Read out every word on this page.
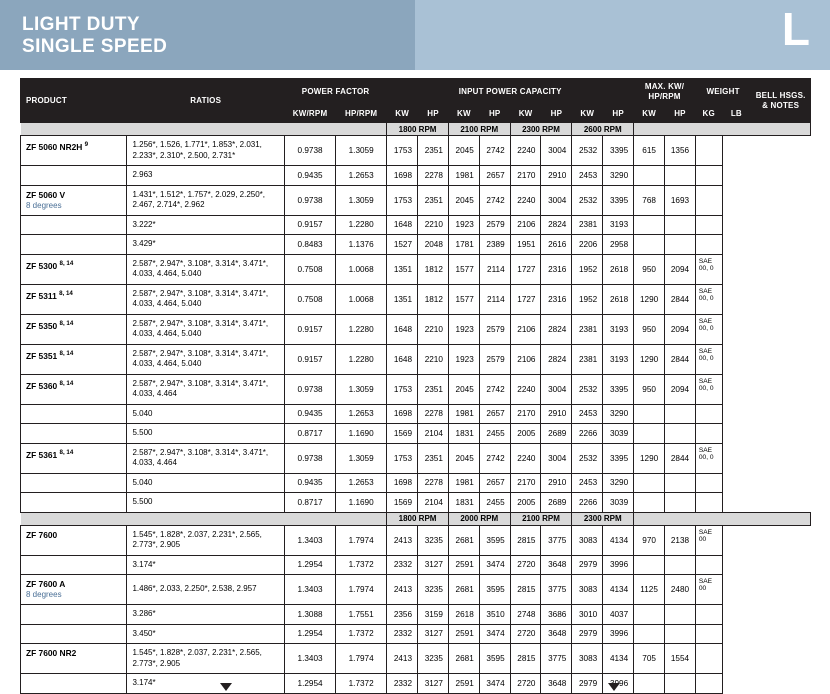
LIGHT DUTY
SINGLE SPEED	L
PRODUCT	RATIOS	POWER FACTOR		INPUT POWER CAPACITY								MAX. KW/
HP/RPM		WEIGHT		BELL HSGS.
& NOTES
		KW/RPM	HP/RPM	KW	HP	KW	HP	KW	HP	KW	HP	KW	HP	KG	LB	
				1800 RPM		2100 RPM		2300 RPM		2600 RPM						
ZF 5060 NR2H $^9$	1.256*, 1.526, 1.771*, 1.853*, 2.031, 2.233*, 2.310*, 2.500, 2.731*	0.9738	1.3059	1753	2351	2045	2742	2240	3004	2532	3395	615	1356			
	2.963	0.9435	1.2653	1698	2278	1981	2657	2170	2910	2453	3290					
ZF 5060 V
8 degrees	1.431*, 1.512*, 1.757*, 2.029, 2.250*, 2.467, 2.714*, 2.962	0.9738	1.3059	1753	2351	2045	2742	2240	3004	2532	3395	768	1693			
	3.222*	0.9157	1.2280	1648	2210	1923	2579	2106	2824	2381	3193					
	3.429*	0.8483	1.1376	1527	2048	1781	2389	1951	2616	2206	2958					
ZF 5300 $^{8, 14}$	2.587*, 2.947*, 3.108*, 3.314*, 3.471*, 4.033, 4.464, 5.040	0.7508	1.0068	1351	1812	1577	2114	1727	2316	1952	2618	950	2094	SAE 00, 0		
ZF 5311 $^{8, 14}$	2.587*, 2.947*, 3.108*, 3.314*, 3.471*, 4.033, 4.464, 5.040	0.7508	1.0068	1351	1812	1577	2114	1727	2316	1952	2618	1290	2844	SAE 00, 0		
ZF 5350 $^{8, 14}$	2.587*, 2.947*, 3.108*, 3.314*, 3.471*, 4.033, 4.464, 5.040	0.9157	1.2280	1648	2210	1923	2579	2106	2824	2381	3193	950	2094	SAE 00, 0		
ZF 5351 $^{8, 14}$	2.587*, 2.947*, 3.108*, 3.314*, 3.471*, 4.033, 4.464, 5.040	0.9157	1.2280	1648	2210	1923	2579	2106	2824	2381	3193	1290	2844	SAE 00, 0		
ZF 5360 $^{8, 14}$	2.587*, 2.947*, 3.108*, 3.314*, 3.471*, 4.033, 4.464	0.9738	1.3059	1753	2351	2045	2742	2240	3004	2532	3395	950	2094	SAE 00, 0		
	5.040	0.9435	1.2653	1698	2278	1981	2657	2170	2910	2453	3290					
	5.500	0.8717	1.1690	1569	2104	1831	2455	2005	2689	2266	3039					
ZF 5361 $^{8, 14}$	2.587*, 2.947*, 3.108*, 3.314*, 3.471*, 4.033, 4.464	0.9738	1.3059	1753	2351	2045	2742	2240	3004	2532	3395	1290	2844	SAE 00, 0		
	5.040	0.9435	1.2653	1698	2278	1981	2657	2170	2910	2453	3290					
	5.500	0.8717	1.1690	1569	2104	1831	2455	2005	2689	2266	3039					
				1800 RPM		2000 RPM		2100 RPM		2300 RPM						
ZF 7600	1.545*, 1.828*, 2.037, 2.231*, 2.565, 2.773*, 2.905	1.3403	1.7974	2413	3235	2681	3595	2815	3775	3083	4134	970	2138	SAE 00		
	3.174*	1.2954	1.7372	2332	3127	2591	3474	2720	3648	2979	3996					
ZF 7600 A
8 degrees	1.486*, 2.033, 2.250*, 2.538, 2.957	1.3403	1.7974	2413	3235	2681	3595	2815	3775	3083	4134	1125	2480	SAE 00		
	3.286*	1.3088	1.7551	2356	3159	2618	3510	2748	3686	3010	4037					
	3.450*	1.2954	1.7372	2332	3127	2591	3474	2720	3648	2979	3996					
ZF 7600 NR2	1.545*, 1.828*, 2.037, 2.231*, 2.565, 2.773*, 2.905	1.3403	1.7974	2413	3235	2681	3595	2815	3775	3083	4134	705	1554			
	3.174*	1.2954	1.7372	2332	3127	2591	3474	2720	3648	2979	3996					
